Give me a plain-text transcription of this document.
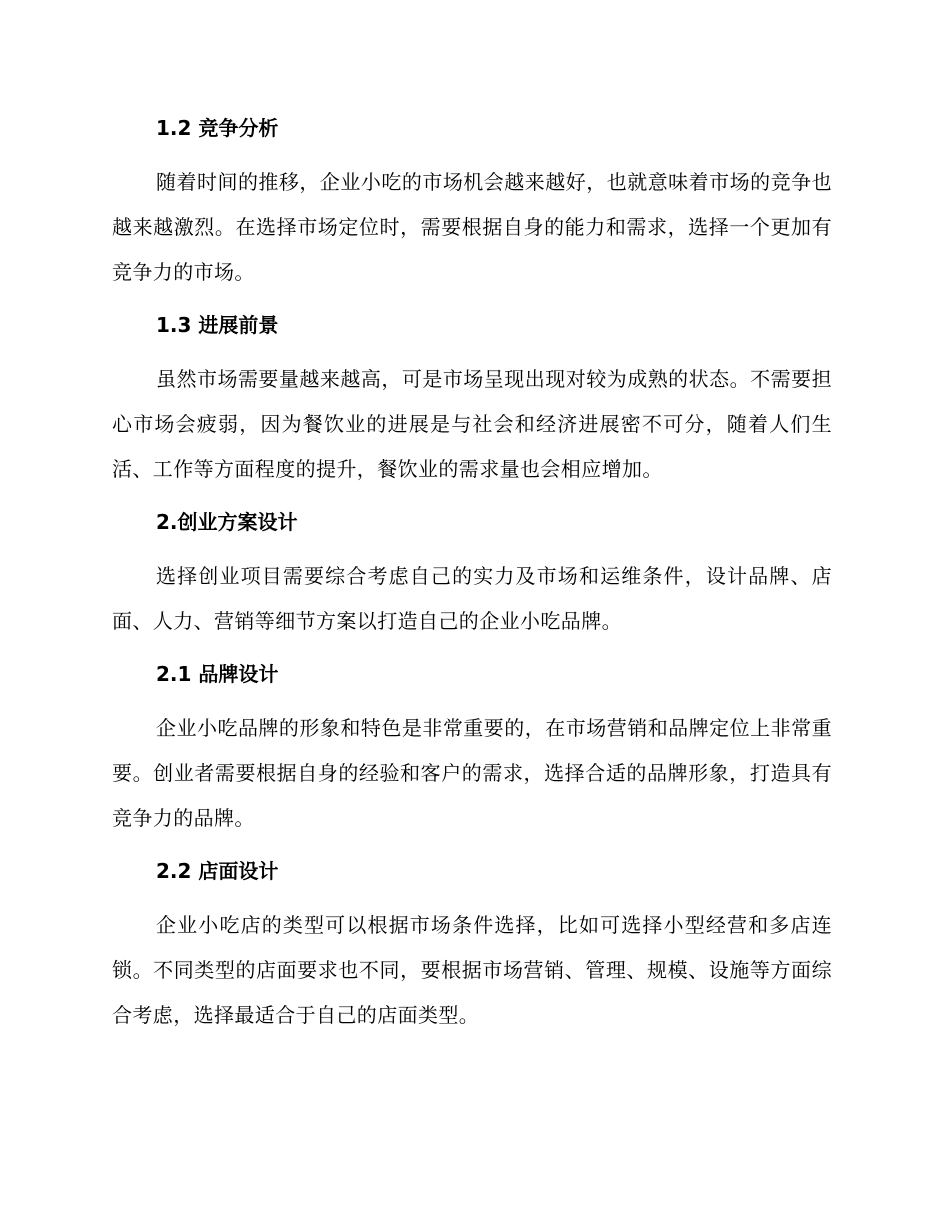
1.2 竞争分析

随着时间的推移，企业小吃的市场机会越来越好，也就意味着市场的竞争也越来越激烈。在选择市场定位时，需要根据自身的能力和需求，选择一个更加有竞争力的市场。

1.3 进展前景

虽然市场需要量越来越高，可是市场呈现出现对较为成熟的状态。不需要担心市场会疲弱，因为餐饮业的进展是与社会和经济进展密不可分，随着人们生活、工作等方面程度的提升，餐饮业的需求量也会相应增加。

2.创业方案设计

选择创业项目需要综合考虑自己的实力及市场和运维条件，设计品牌、店面、人力、营销等细节方案以打造自己的企业小吃品牌。

2.1 品牌设计

企业小吃品牌的形象和特色是非常重要的，在市场营销和品牌定位上非常重要。创业者需要根据自身的经验和客户的需求，选择合适的品牌形象，打造具有竞争力的品牌。

2.2 店面设计

企业小吃店的类型可以根据市场条件选择，比如可选择小型经营和多店连锁。不同类型的店面要求也不同，要根据市场营销、管理、规模、设施等方面综合考虑，选择最适合于自己的店面类型。
